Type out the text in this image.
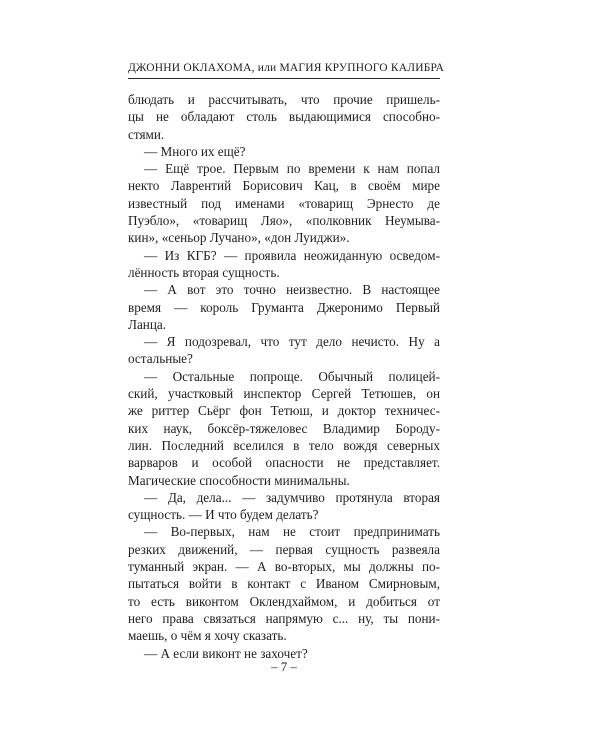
ДЖОННИ ОКЛАХОМА, или МАГИЯ КРУПНОГО КАЛИБРА
блюдать и рассчитывать, что прочие пришель-
цы не обладают столь выдающимися способно-
стями.
— Много их ещё?
— Ещё трое. Первым по времени к нам попал
некто Лаврентий Борисович Кац, в своём мире
известный под именами «товарищ Эрнесто де
Пуэбло», «товарищ Ляо», «полковник Неумыва-
кин», «сеньор Лучано», «дон Луиджи».
— Из КГБ? — проявила неожиданную осведом-
лённость вторая сущность.
— А вот это точно неизвестно. В настоящее
время — король Груманта Джеронимо Первый
Ланца.
— Я подозревал, что тут дело нечисто. Ну а
остальные?
— Остальные попроще. Обычный полицей-
ский, участковый инспектор Сергей Тетюшев, он
же риттер Сьёрг фон Тетюш, и доктор техничес-
ких наук, боксёр-тяжеловес Владимир Бороду-
лин. Последний вселился в тело вождя северных
варваров и особой опасности не представляет.
Магические способности минимальны.
— Да, дела... — задумчиво протянула вторая
сущность. — И что будем делать?
— Во-первых, нам не стоит предпринимать
резких движений, — первая сущность развеяла
туманный экран. — А во-вторых, мы должны по-
пытаться войти в контакт с Иваном Смирновым,
то есть виконтом Оклендхаймом, и добиться от
него права связаться напрямую с... ну, ты пони-
маешь, о чём я хочу сказать.
— А если виконт не захочет?
– 7 –
